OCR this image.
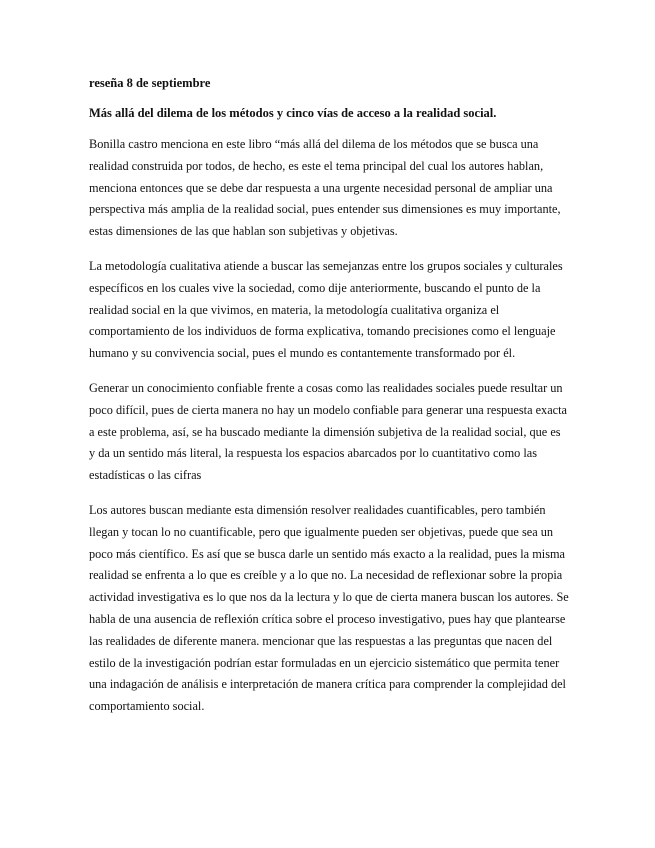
reseña 8 de septiembre
Más allá del dilema de los métodos y cinco vías de acceso a la realidad social.

Bonilla castro menciona en este libro “más allá del dilema de los métodos que se busca una realidad construida por todos, de hecho, es este el tema principal del cual los autores hablan, menciona entonces que se debe dar respuesta a una urgente necesidad personal de ampliar una perspectiva más amplia de la realidad social, pues entender sus dimensiones es muy importante, estas dimensiones de las que hablan son subjetivas y objetivas.

La metodología cualitativa atiende a buscar las semejanzas entre los grupos sociales y culturales específicos en los cuales vive la sociedad, como dije anteriormente, buscando el punto de la realidad social en la que vivimos, en materia, la metodología cualitativa organiza el comportamiento de los individuos de forma explicativa, tomando precisiones como el lenguaje humano y su convivencia social, pues el mundo es contantemente transformado por él.

Generar un conocimiento confiable frente a cosas como las realidades sociales puede resultar un poco difícil, pues de cierta manera no hay un modelo confiable para generar una respuesta exacta a este problema, así, se ha buscado mediante la dimensión subjetiva de la realidad social, que es y da un sentido más literal, la respuesta los espacios abarcados por lo cuantitativo como las estadísticas o las cifras

Los autores buscan mediante esta dimensión resolver realidades cuantificables, pero también llegan y tocan lo no cuantificable, pero que igualmente pueden ser objetivas, puede que sea un poco más científico. Es así que se busca darle un sentido más exacto a la realidad, pues la misma realidad se enfrenta a lo que es creíble y a lo que no. La necesidad de reflexionar sobre la propia actividad investigativa es lo que nos da la lectura y lo que de cierta manera buscan los autores. Se habla de una ausencia de reflexión crítica sobre el proceso investigativo, pues hay que plantearse las realidades de diferente manera. mencionar que las respuestas a las preguntas que nacen del estilo de la investigación podrían estar formuladas en un ejercicio sistemático que permita tener una indagación de análisis e interpretación de manera crítica para comprender la complejidad del comportamiento social.
